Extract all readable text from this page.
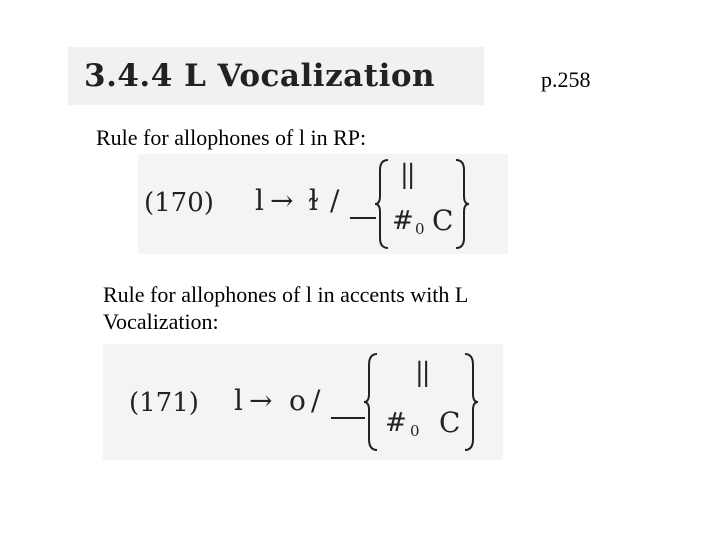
3.4.4 L Vocalization	p.258
Rule for allophones of l in RP:
(170) l → ɫ /
||
# 0 C
Rule for allophones of l in accents with L Vocalization:
(171) l → o /
||
# 0 C
